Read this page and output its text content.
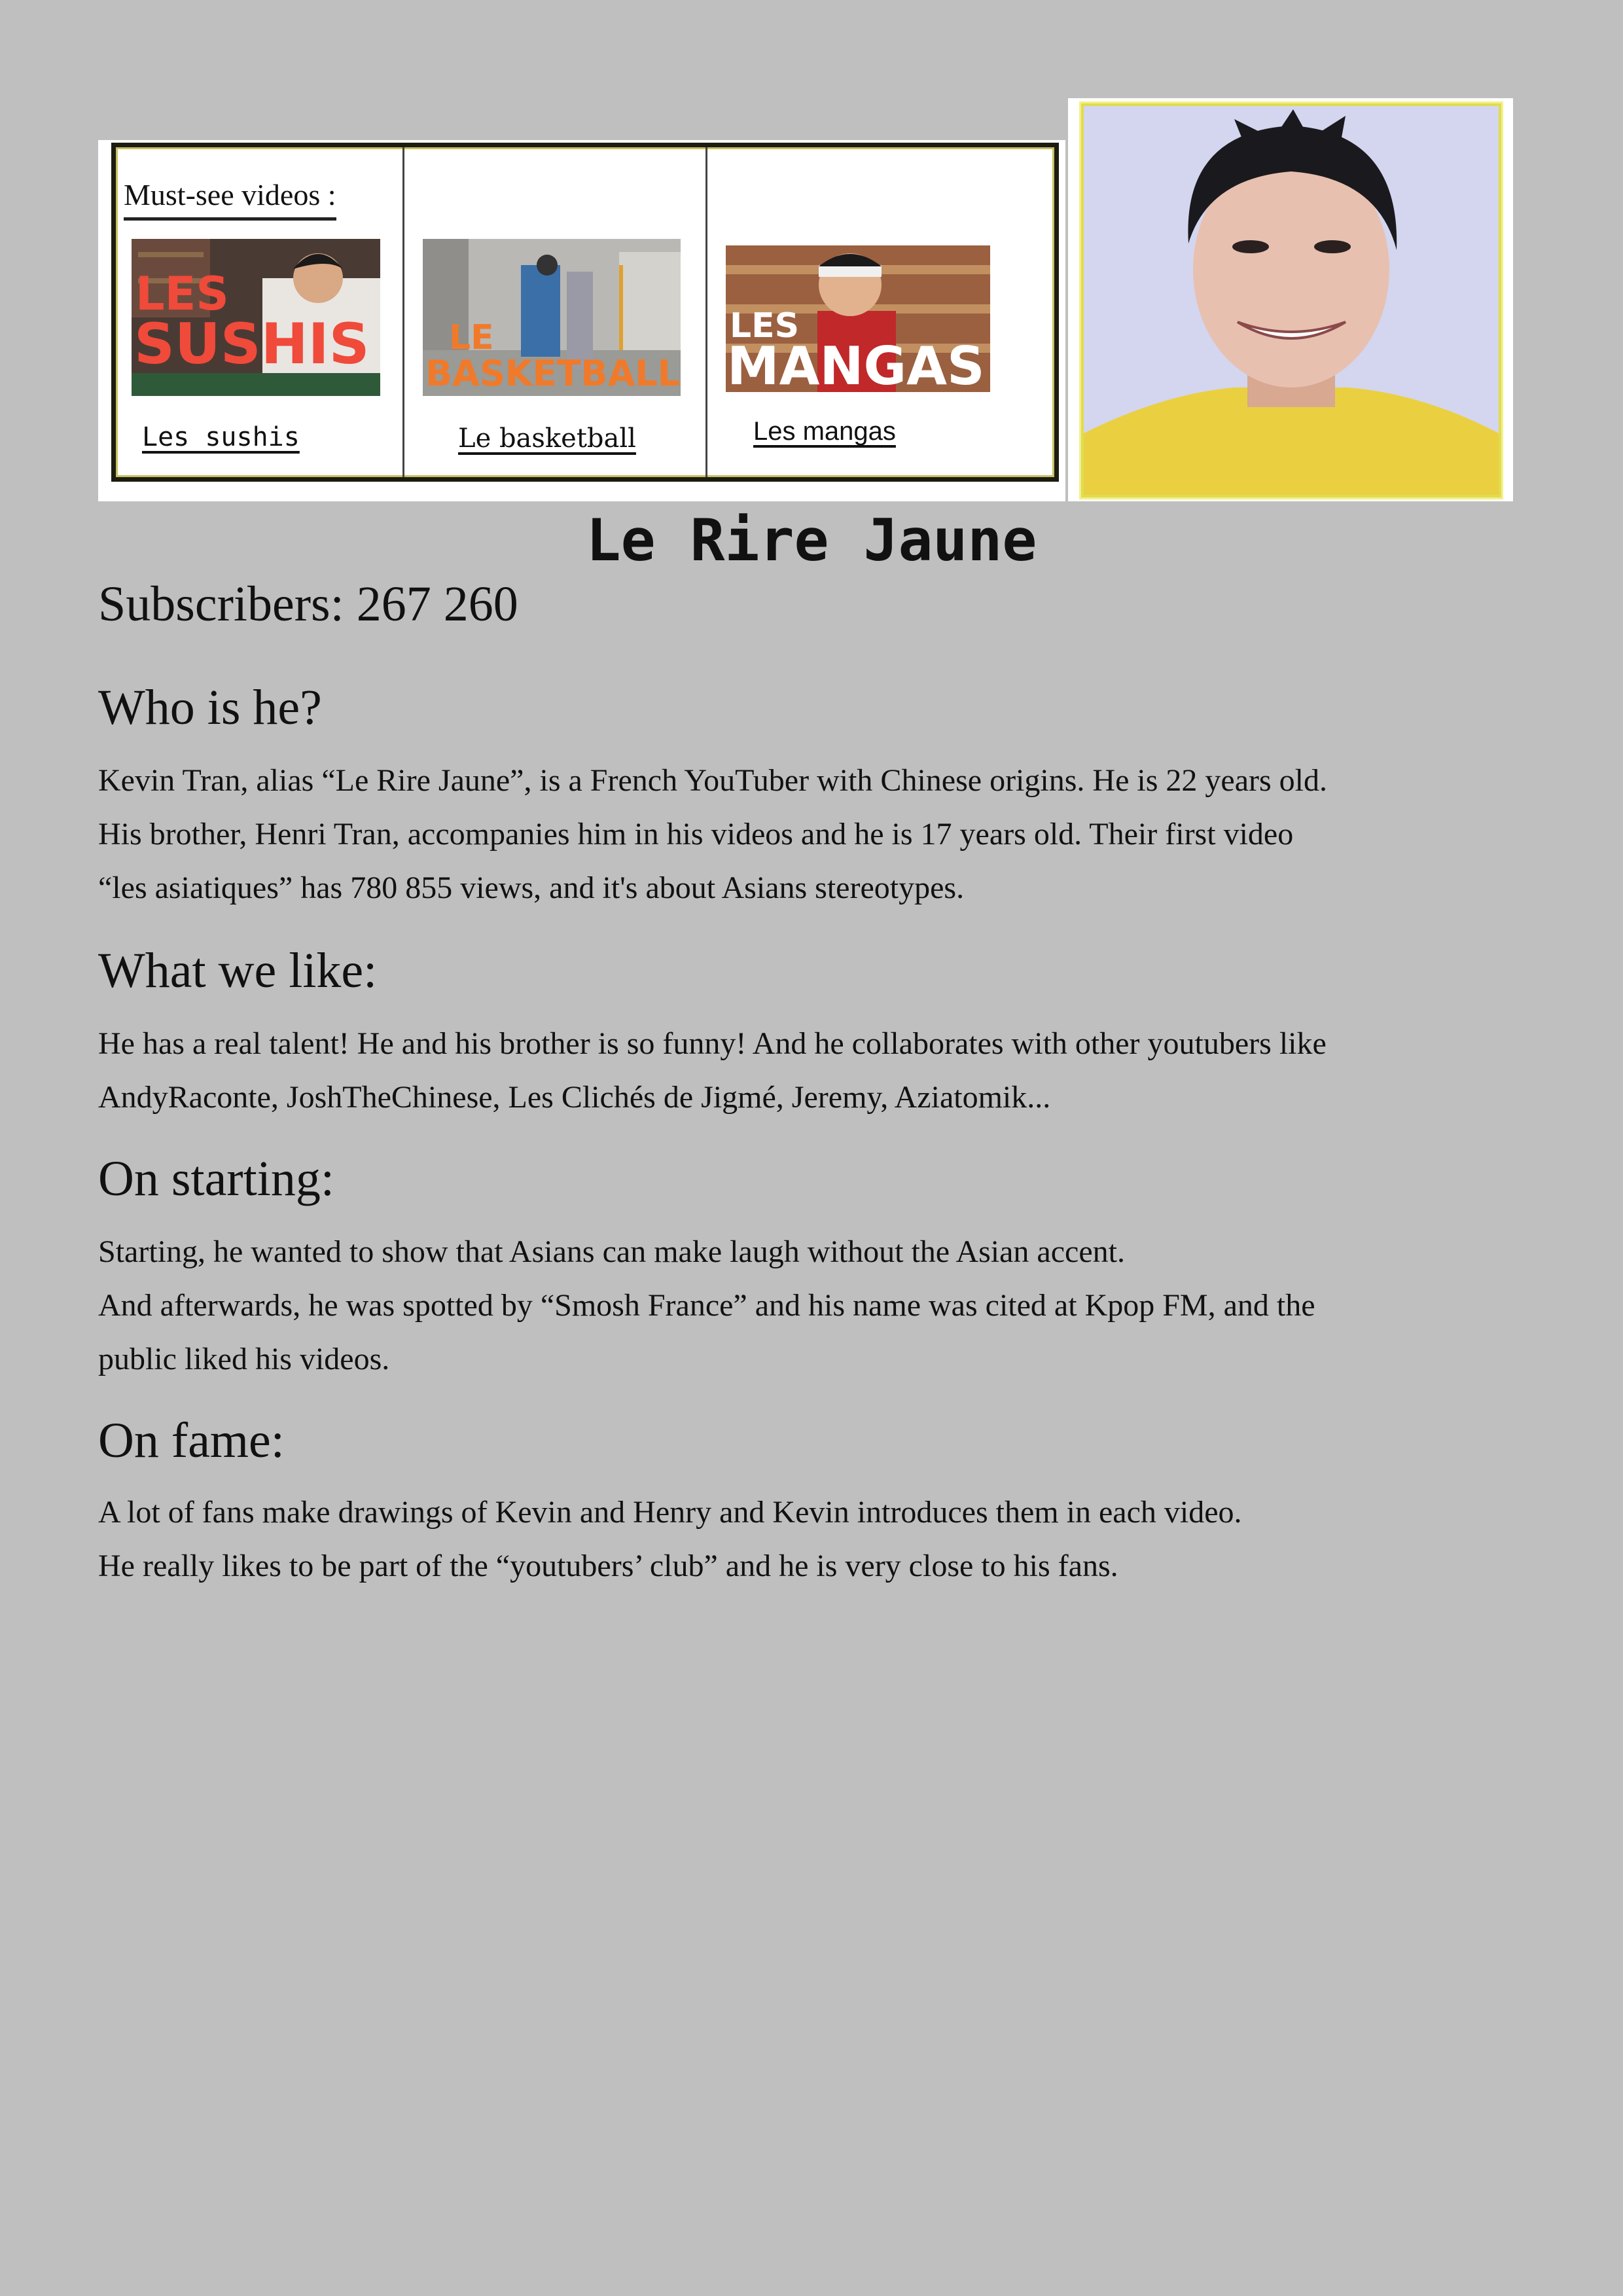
Must-see videos :
LES
SUSHIS
Les sushis
LE
BASKETBALL
Le basketball
LES
MANGAS
Les mangas
Le Rire Jaune
Subscribers: 267 260
Who is he?

Kevin Tran, alias “Le Rire Jaune”, is a French YouTuber with Chinese origins. He is 22 years old.
His brother, Henri Tran, accompanies him in his videos and he is 17 years old. Their first video
“les asiatiques” has 780 855 views, and it's about Asians stereotypes.

What we like:

He has a real talent! He and his brother is so funny! And he collaborates with other youtubers like
AndyRaconte, JoshTheChinese, Les Clichés de Jigmé, Jeremy, Aziatomik...

On starting:

Starting, he wanted to show that Asians can make laugh without the Asian accent.
And afterwards, he was spotted by “Smosh France” and his name was cited at Kpop FM, and the
public liked his videos.

On fame:

A lot of fans make drawings of Kevin and Henry and Kevin introduces them in each video.
He really likes to be part of the “youtubers’ club” and he is very close to his fans.
